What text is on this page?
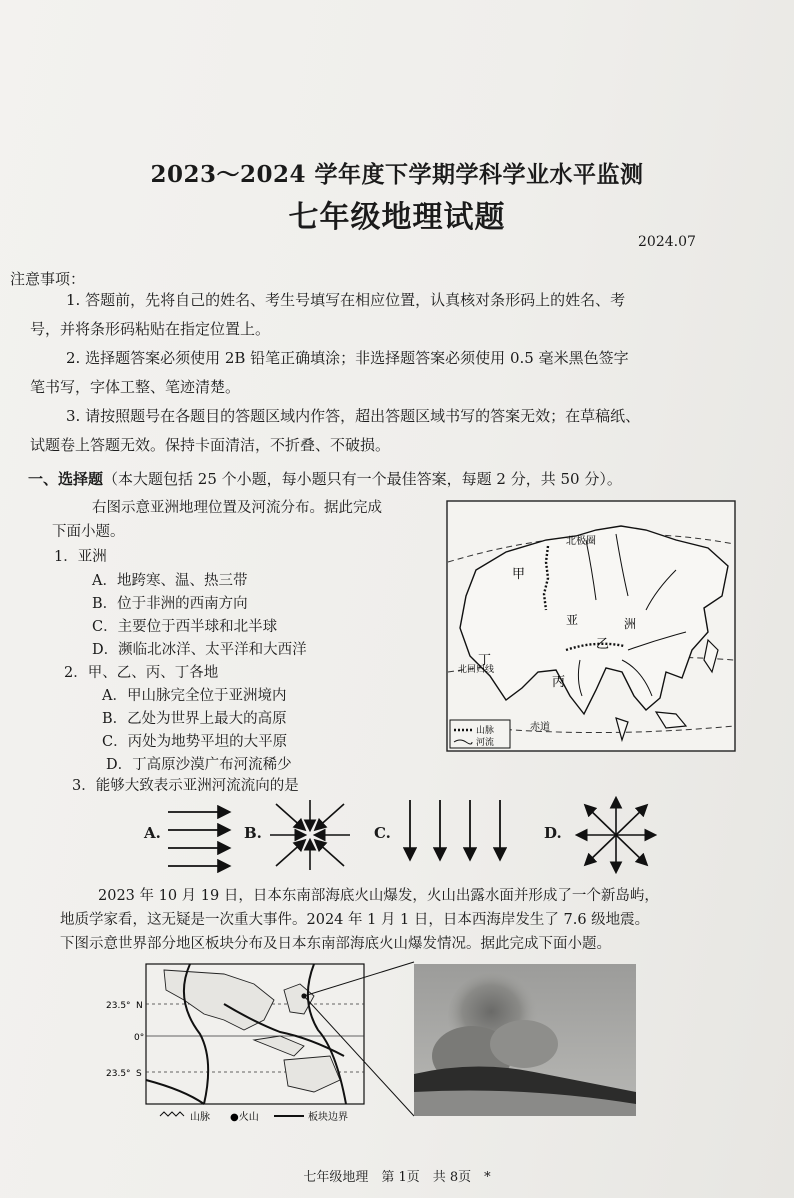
2023～2024 学年度下学期学科学业水平监测
七年级地理试题
2024.07
注意事项：
1. 答题前，先将自己的姓名、考生号填写在相应位置，认真核对条形码上的姓名、考
号，并将条形码粘贴在指定位置上。
2. 选择题答案必须使用 2B 铅笔正确填涂；非选择题答案必须使用 0.5 毫米黑色签字
笔书写，字体工整、笔迹清楚。
3. 请按照题号在各题目的答题区域内作答，超出答题区域书写的答案无效；在草稿纸、
试题卷上答题无效。保持卡面清洁，不折叠、不破损。
一、选择题（本大题包括 25 个小题，每小题只有一个最佳答案，每题 2 分，共 50 分）。
右图示意亚洲地理位置及河流分布。据此完成
下面小题。
1．亚洲
A．地跨寒、温、热三带
B．位于非洲的西南方向
C．主要位于西半球和北半球
D．濒临北冰洋、太平洋和大西洋
2．甲、乙、丙、丁各地
A．甲山脉完全位于亚洲境内
B．乙处为世界上最大的高原
C．丙处为地势平坦的大平原
D．丁高原沙漠广布河流稀少
3．能够大致表示亚洲河流流向的是
北极圈
甲
亚	洲
乙
丁
北回归线
丙
赤道
山脉
河流
A.	B.	C.	D.
2023 年 10 月 19 日，日本东南部海底火山爆发，火山出露水面并形成了一个新岛屿，
地质学家看，这无疑是一次重大事件。2024 年 1 月 1 日，日本西海岸发生了 7.6 级地震。
下图示意世界部分地区板块分布及日本东南部海底火山爆发情况。据此完成下面小题。
23.5° N
0°
23.5° S
山脉 ●火山	板块边界
七年级地理　第 1页　共 8页　*
